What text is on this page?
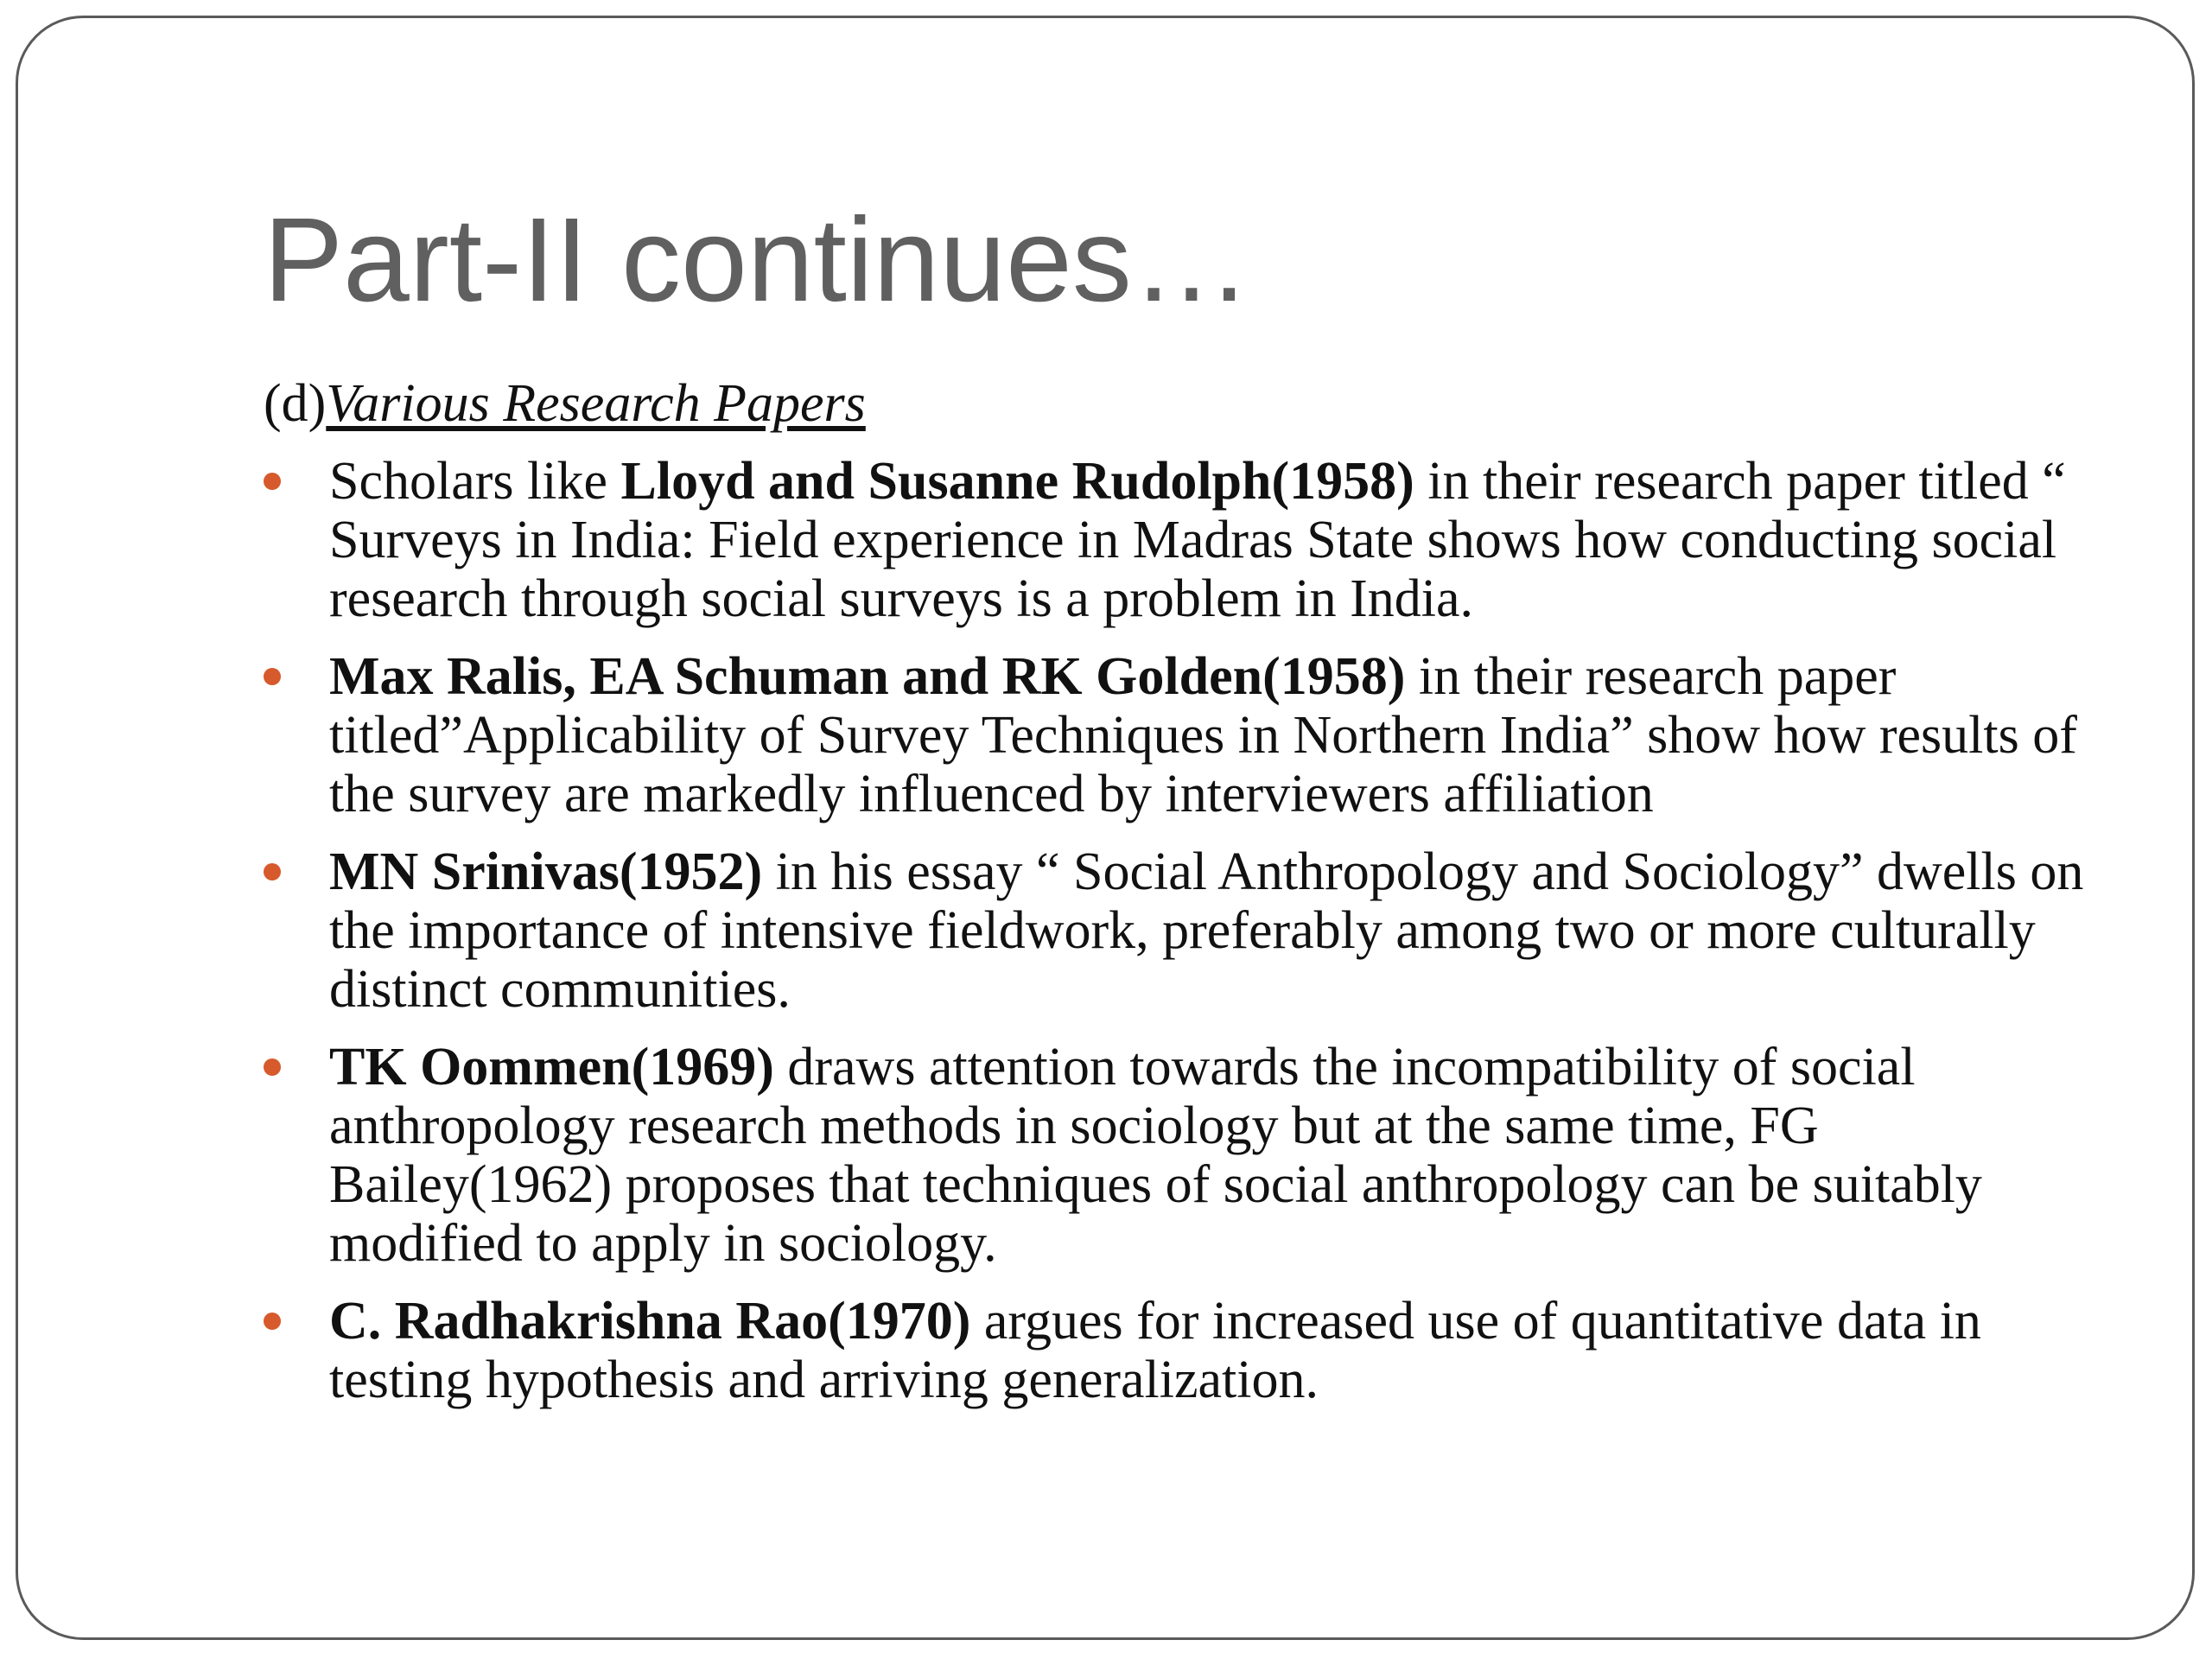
Part-II continues…

(d)Various Research Papers

Scholars like Lloyd and Susanne Rudolph(1958) in their research paper titled “ Surveys in India: Field experience in Madras State shows how conducting social research through social surveys is a problem in India.
Max Ralis, EA Schuman and RK Golden(1958) in their research paper titled”Applicability of Survey Techniques in Northern India” show how results of the survey are markedly influenced by interviewers affiliation
MN Srinivas(1952) in his essay “ Social Anthropology and Sociology” dwells on the importance of intensive fieldwork, preferably among two or more culturally distinct communities.
TK Oommen(1969) draws attention towards the incompatibility of social anthropology research methods in sociology but at the same time, FG Bailey(1962) proposes that techniques of social anthropology can be suitably modified to apply in sociology.
C. Radhakrishna Rao(1970) argues for increased use of quantitative data in testing hypothesis and arriving generalization.
